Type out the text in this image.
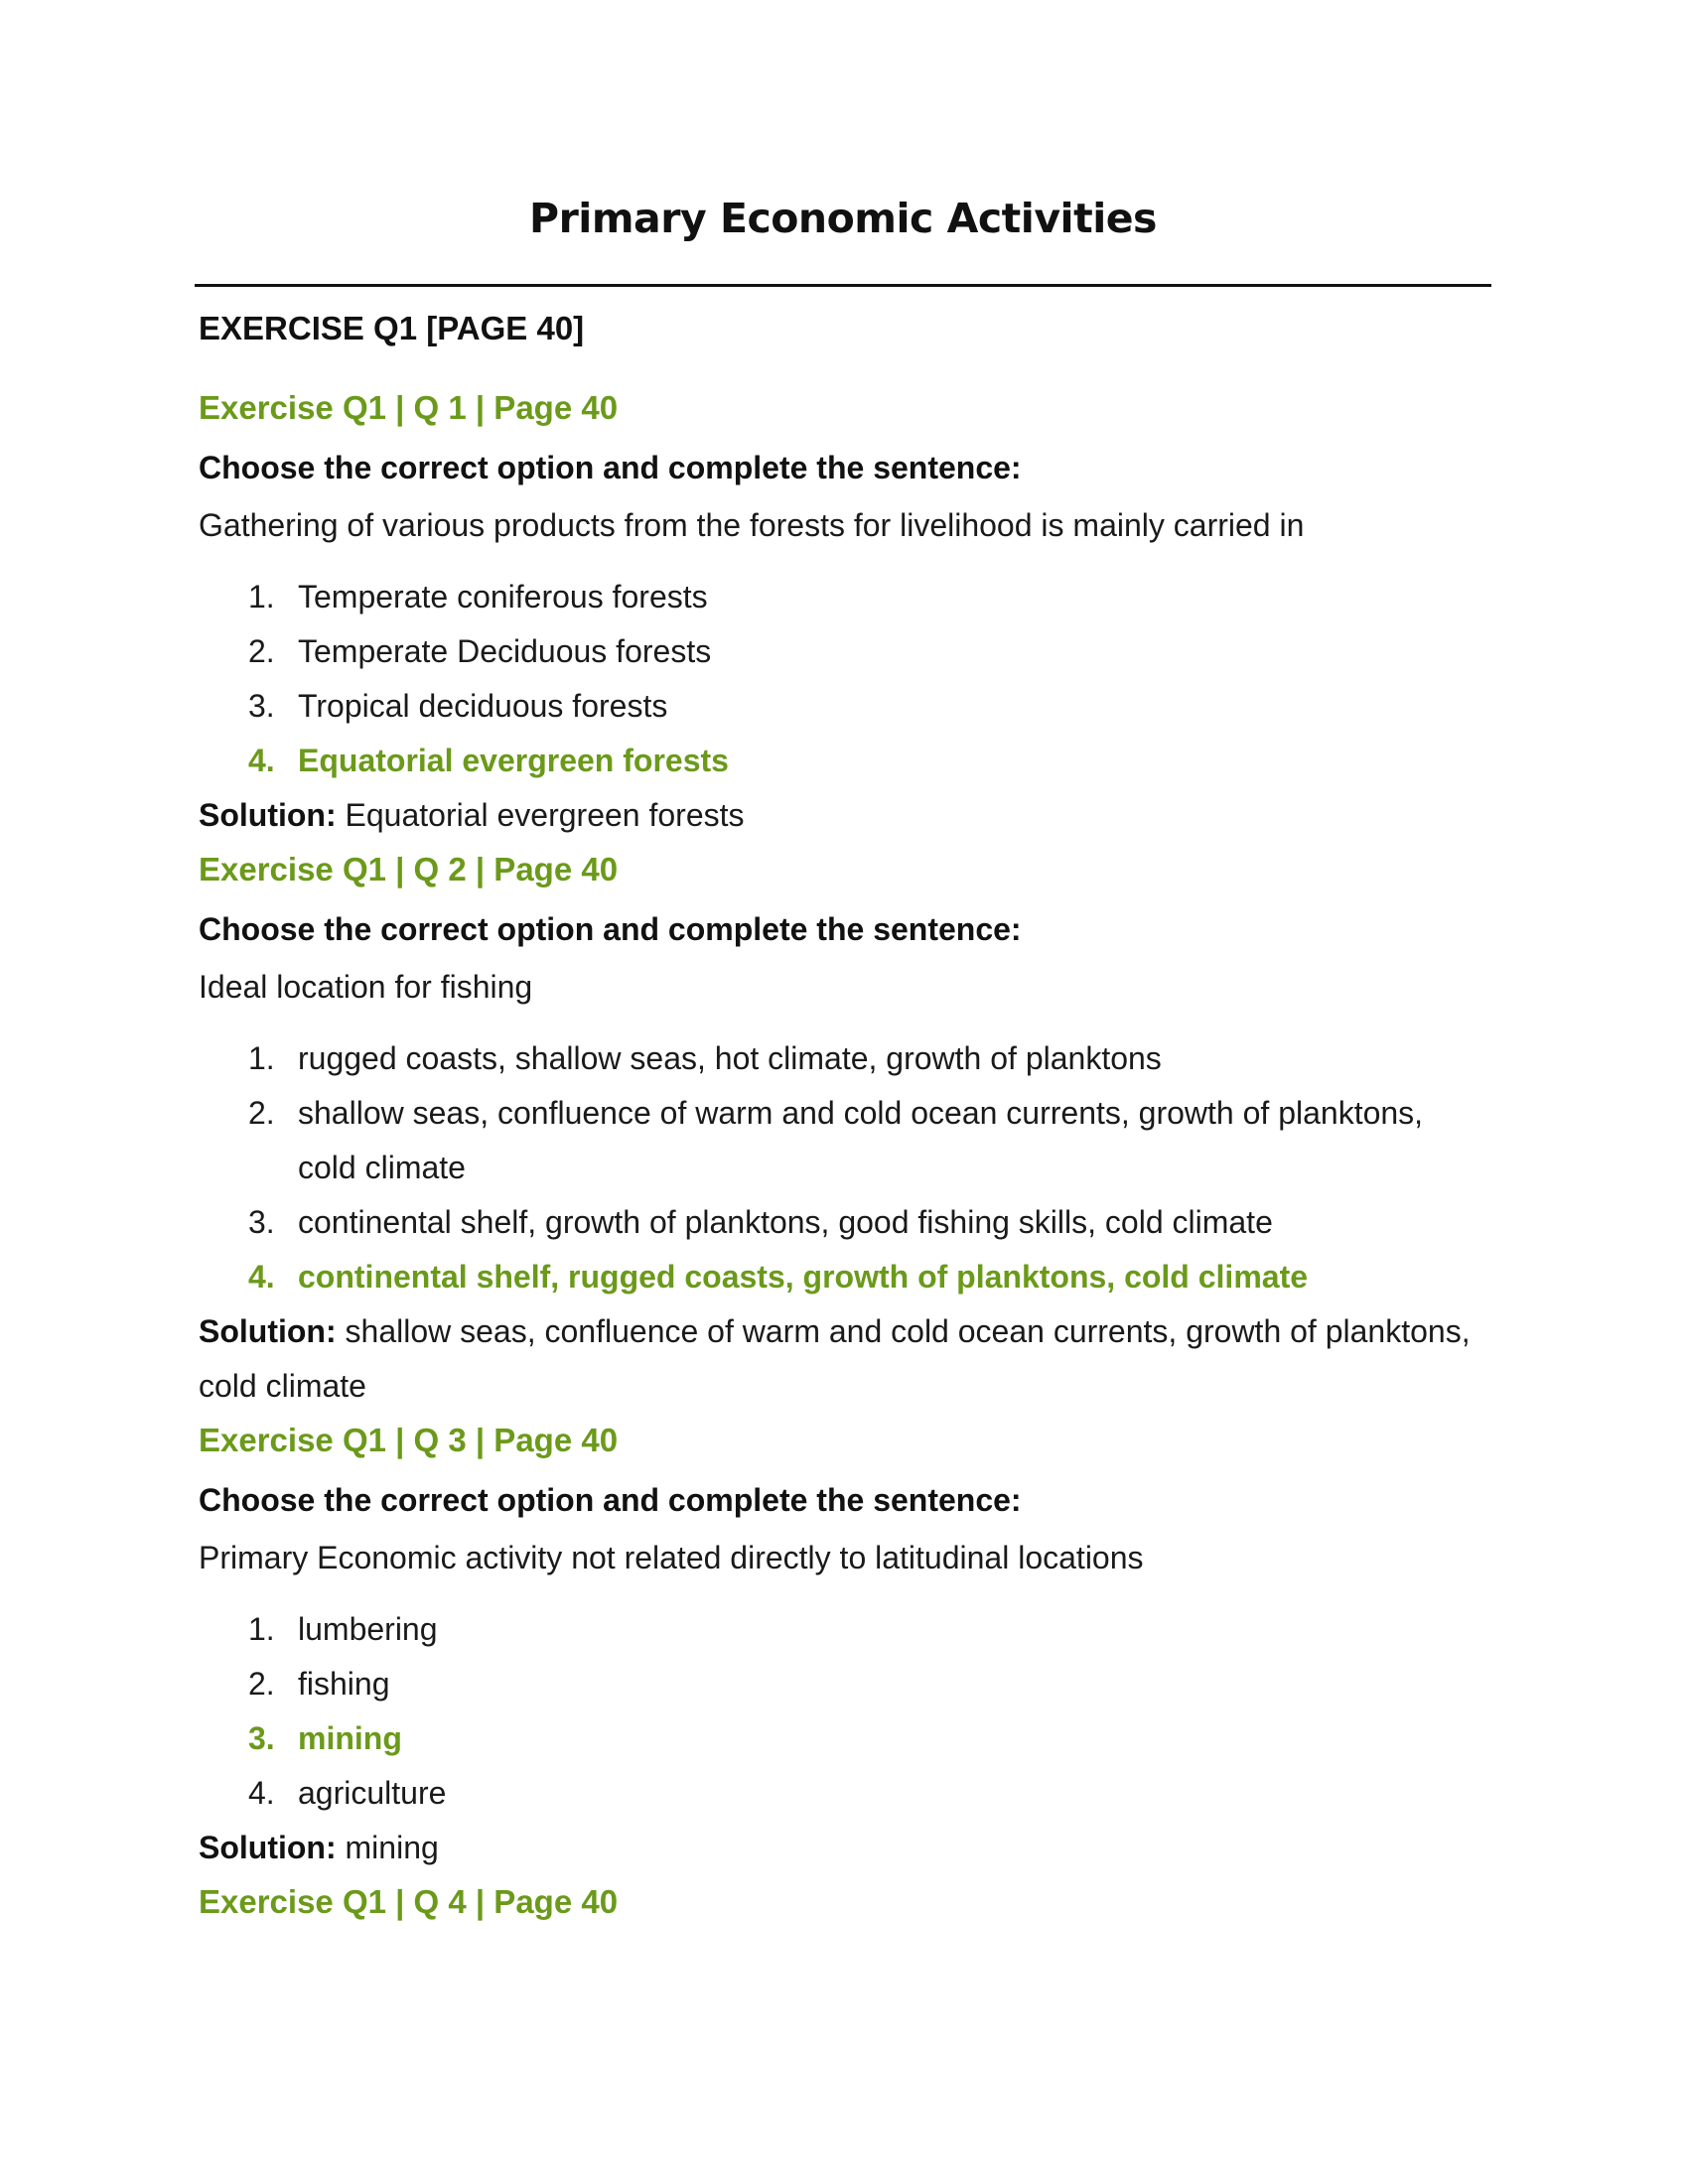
Primary Economic Activities
EXERCISE Q1 [PAGE 40]
Exercise Q1 | Q 1 | Page 40
Choose the correct option and complete the sentence:
Gathering of various products from the forests for livelihood is mainly carried in
1. Temperate coniferous forests
2. Temperate Deciduous forests
3. Tropical deciduous forests
4. Equatorial evergreen forests

Solution: Equatorial evergreen forests

Exercise Q1 | Q 2 | Page 40
Choose the correct option and complete the sentence:
Ideal location for fishing
1. rugged coasts, shallow seas, hot climate, growth of planktons
2. shallow seas, confluence of warm and cold ocean currents, growth of planktons, cold climate
3. continental shelf, growth of planktons, good fishing skills, cold climate
4. continental shelf, rugged coasts, growth of planktons, cold climate

Solution: shallow seas, confluence of warm and cold ocean currents, growth of planktons, cold climate

Exercise Q1 | Q 3 | Page 40
Choose the correct option and complete the sentence:
Primary Economic activity not related directly to latitudinal locations
1. lumbering
2. fishing
3. mining
4. agriculture

Solution: mining

Exercise Q1 | Q 4 | Page 40
